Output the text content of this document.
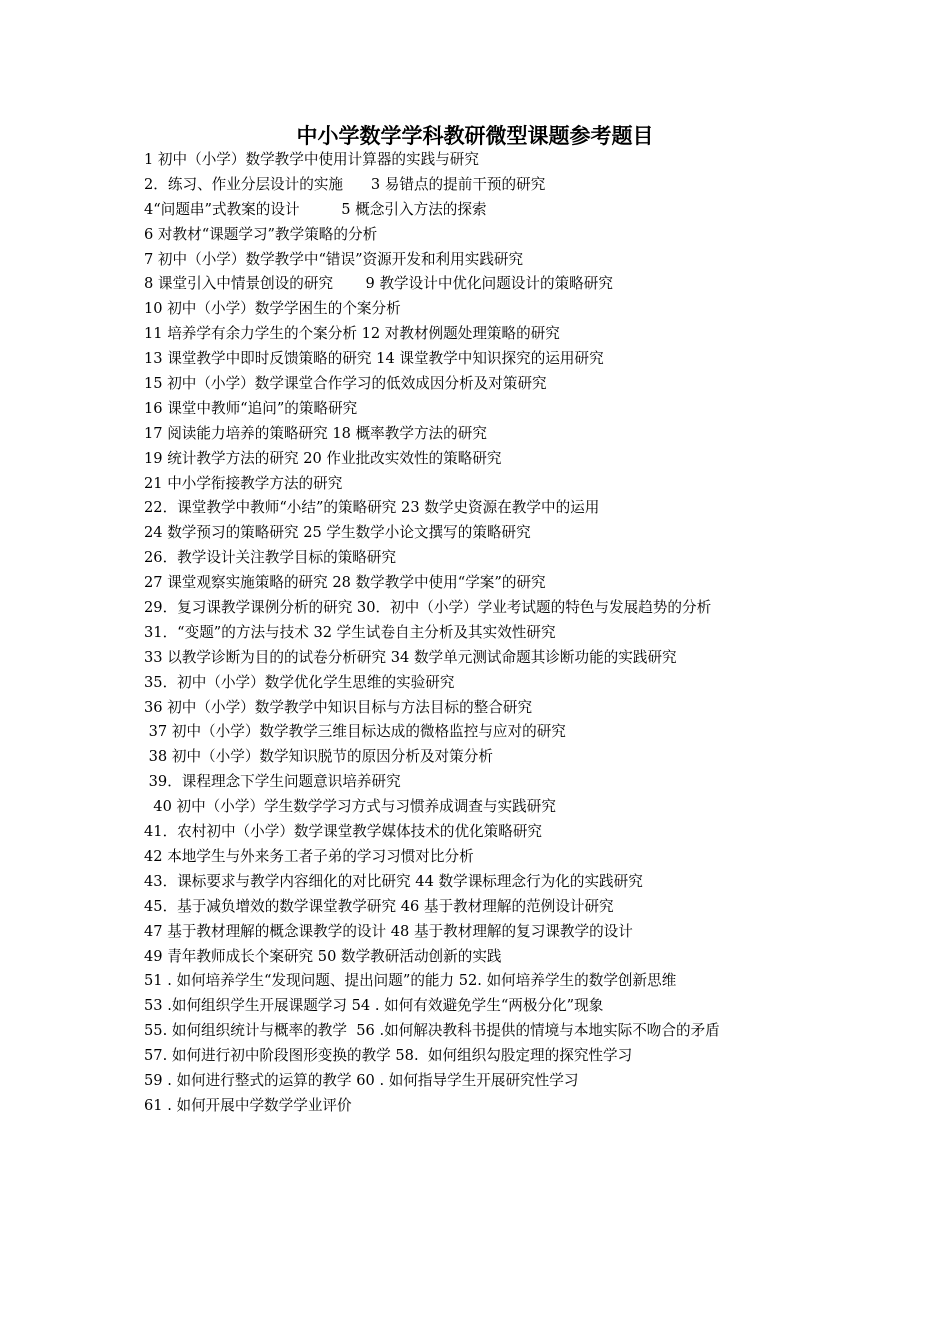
中小学数学学科教研微型课题参考题目
1 初中（小学）数学教学中使用计算器的实践与研究
2．练习、作业分层设计的实施      3 易错点的提前干预的研究
4“问题串”式教案的设计         5 概念引入方法的探索
6 对教材“课题学习”教学策略的分析
7 初中（小学）数学教学中“错误”资源开发和利用实践研究
8 课堂引入中情景创设的研究       9 教学设计中优化问题设计的策略研究
10 初中（小学）数学学困生的个案分析
11 培养学有余力学生的个案分析 12 对教材例题处理策略的研究
13 课堂教学中即时反馈策略的研究 14 课堂教学中知识探究的运用研究
15 初中（小学）数学课堂合作学习的低效成因分析及对策研究
16 课堂中教师“追问”的策略研究
17 阅读能力培养的策略研究 18 概率教学方法的研究
19 统计教学方法的研究 20 作业批改实效性的策略研究
21 中小学衔接教学方法的研究
22．课堂教学中教师“小结”的策略研究 23 数学史资源在教学中的运用
24 数学预习的策略研究 25 学生数学小论文撰写的策略研究
26．教学设计关注教学目标的策略研究
27 课堂观察实施策略的研究 28 数学教学中使用“学案”的研究
29．复习课教学课例分析的研究 30．初中（小学）学业考试题的特色与发展趋势的分析
31．“变题”的方法与技术 32 学生试卷自主分析及其实效性研究
33 以教学诊断为目的的试卷分析研究 34 数学单元测试命题其诊断功能的实践研究
35．初中（小学）数学优化学生思维的实验研究
36 初中（小学）数学教学中知识目标与方法目标的整合研究
37 初中（小学）数学教学三维目标达成的微格监控与应对的研究
38 初中（小学）数学知识脱节的原因分析及对策分析
39．课程理念下学生问题意识培养研究
40 初中（小学）学生数学学习方式与习惯养成调查与实践研究
41．农村初中（小学）数学课堂教学媒体技术的优化策略研究
42 本地学生与外来务工者子弟的学习习惯对比分析
43．课标要求与教学内容细化的对比研究 44 数学课标理念行为化的实践研究
45．基于减负增效的数学课堂教学研究 46 基于教材理解的范例设计研究
47 基于教材理解的概念课教学的设计 48 基于教材理解的复习课教学的设计
49 青年教师成长个案研究 50 数学教研活动创新的实践
51 . 如何培养学生“发现问题、提出问题”的能力 52. 如何培养学生的数学创新思维
53 .如何组织学生开展课题学习 54 . 如何有效避免学生“两极分化”现象
55. 如何组织统计与概率的教学  56 .如何解决教科书提供的情境与本地实际不吻合的矛盾
57. 如何进行初中阶段图形变换的教学 58.  如何组织勾股定理的探究性学习
59 . 如何进行整式的运算的教学 60 . 如何指导学生开展研究性学习
61 . 如何开展中学数学学业评价
